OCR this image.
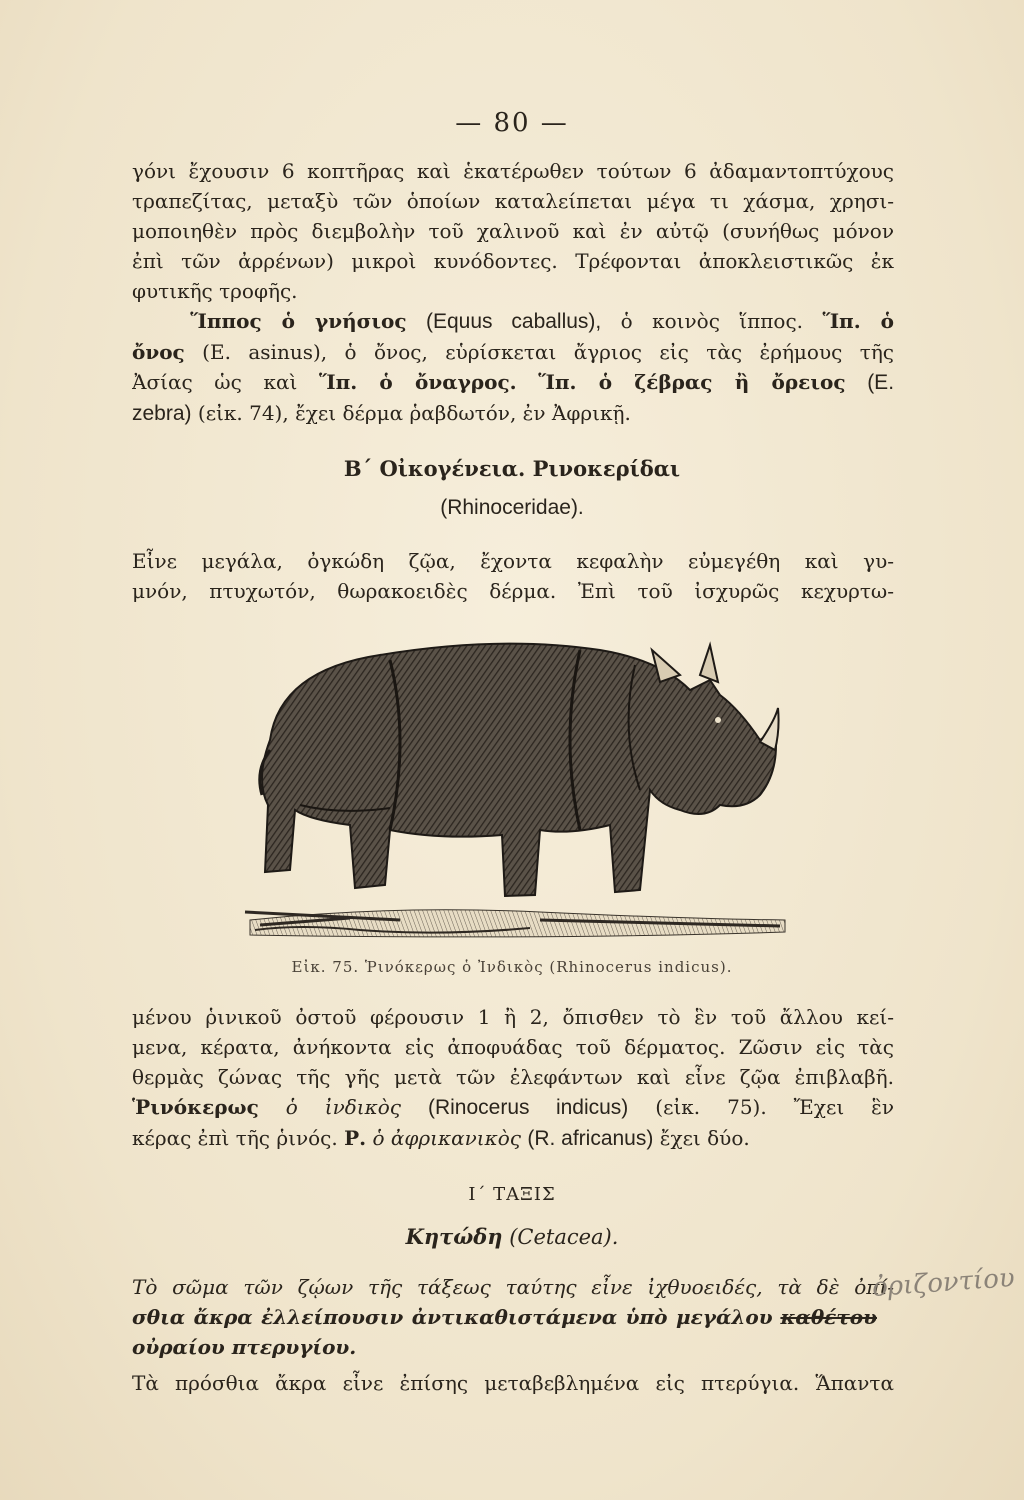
— 80 —
γόνι ἔχουσιν 6 κοπτῆρας καὶ ἑκατέρωθεν τούτων 6 ἀδαμαντοπτύχους
τραπεζίτας, μεταξὺ τῶν ὁποίων καταλείπεται μέγα τι χάσμα, χρησι-
μοποιηθὲν πρὸς διεμβολὴν τοῦ χαλινοῦ καὶ ἐν αὐτῷ (συνήθως μόνον
ἐπὶ τῶν ἀρρένων) μικροὶ κυνόδοντες. Τρέφονται ἀποκλειστικῶς ἐκ
φυτικῆς τροφῆς.
Ἵππος ὁ γνήσιος (Equus caballus), ὁ κοινὸς ἵππος. Ἵπ. ὁ
ὄνος (E. asinus), ὁ ὄνος, εὑρίσκεται ἄγριος εἰς τὰς ἐρήμους τῆς
Ἀσίας ὡς καὶ Ἵπ. ὁ ὄναγρος. Ἵπ. ὁ ζέβρας ἢ ὄρειος (E.
zebra) (εἰκ. 74), ἔχει δέρμα ῥαβδωτόν, ἐν Ἀφρικῇ.
Β΄ Οἰκογένεια. Ρινοκερίδαι
(Rhinoceridae).
Εἶνε μεγάλα, ὀγκώδη ζῷα, ἔχοντα κεφαλὴν εὐμεγέθη καὶ γυ-
μνόν, πτυχωτόν, θωρακοειδὲς δέρμα. Ἐπὶ τοῦ ἰσχυρῶς κεχυρτω-
Εἰκ. 75. Ῥινόκερως ὁ Ἰνδικὸς (Rhinocerus indicus).
μένου ῥινικοῦ ὀστοῦ φέρουσιν 1 ἢ 2, ὄπισθεν τὸ ἓν τοῦ ἄλλου κεί-
μενα, κέρατα, ἀνήκοντα εἰς ἀποφυάδας τοῦ δέρματος. Ζῶσιν εἰς τὰς
θερμὰς ζώνας τῆς γῆς μετὰ τῶν ἐλεφάντων καὶ εἶνε ζῷα ἐπιβλαβῆ.
Ῥινόκερως ὁ ἰνδικὸς (Rinocerus indicus) (εἰκ. 75). Ἔχει ἓν
κέρας ἐπὶ τῆς ῥινός. Ρ. ὁ ἀφρικανικὸς (R. africanus) ἔχει δύο.
Ι΄ ΤΑΞΙΣ
Κητώδη (Cetacea).
Τὸ σῶμα τῶν ζῴων τῆς τάξεως ταύτης εἶνε ἰχθυοειδές, τὰ δὲ ὀπί-
σθια ἄκρα ἐλλείπουσιν ἀντικαθιστάμενα ὑπὸ μεγάλου καθέτου
οὐραίου πτερυγίου.
ὀριζοντίου
Τὰ πρόσθια ἄκρα εἶνε ἐπίσης μεταβεβλημένα εἰς πτερύγια. Ἅπαντα
